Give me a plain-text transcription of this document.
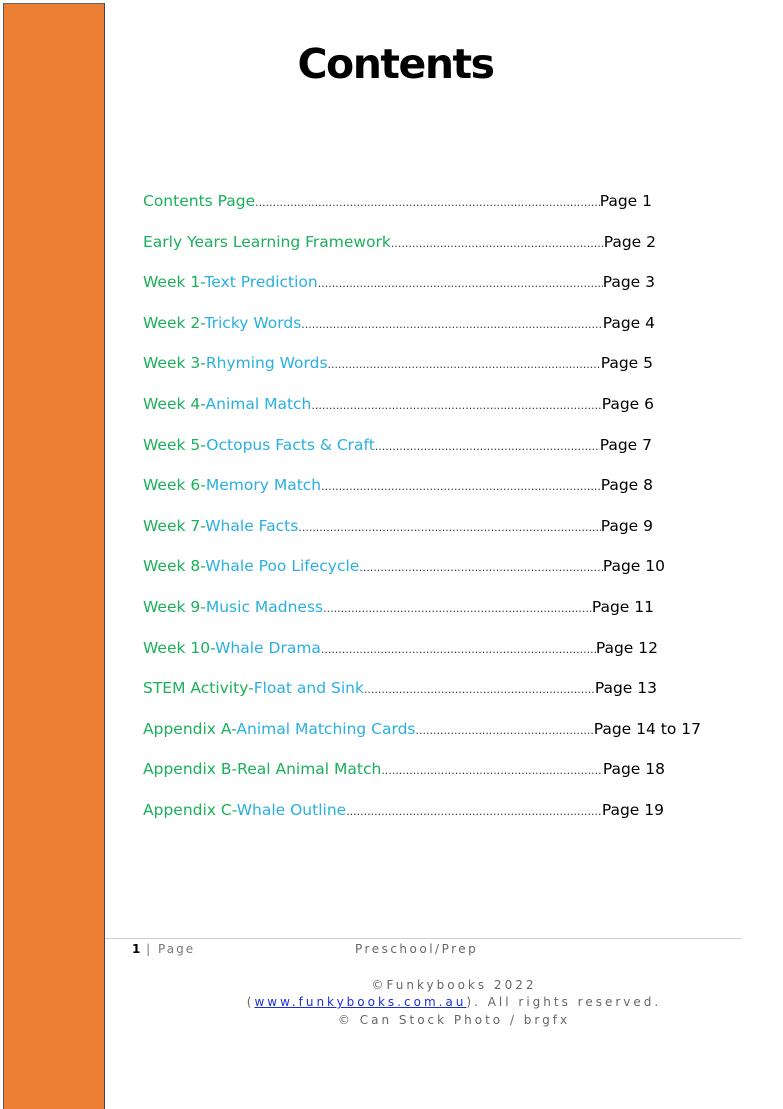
Contents
Contents Page .....	Page 1
Early Years Learning Framework .....	Page 2
Week 1-Text Prediction .....	Page 3
Week 2-Tricky Words .....	Page 4
Week 3-Rhyming Words .....	Page 5
Week 4-Animal Match .....	Page 6
Week 5-Octopus Facts & Craft .....	Page 7
Week 6-Memory Match .....	Page 8
Week 7-Whale Facts .....	Page 9
Week 8-Whale Poo Lifecycle .....	Page 10
Week 9-Music Madness .....	Page 11
Week 10-Whale Drama .....	Page 12
STEM Activity-Float and Sink .....	Page 13
Appendix A-Animal Matching Cards .....	Page 14 to 17
Appendix B-Real Animal Match .....	Page 18
Appendix C-Whale Outline .....	Page 19
1 | Page	Preschool/Prep
©Funkybooks 2022
(www.funkybooks.com.au). All rights reserved.
© Can Stock Photo / brgfx
